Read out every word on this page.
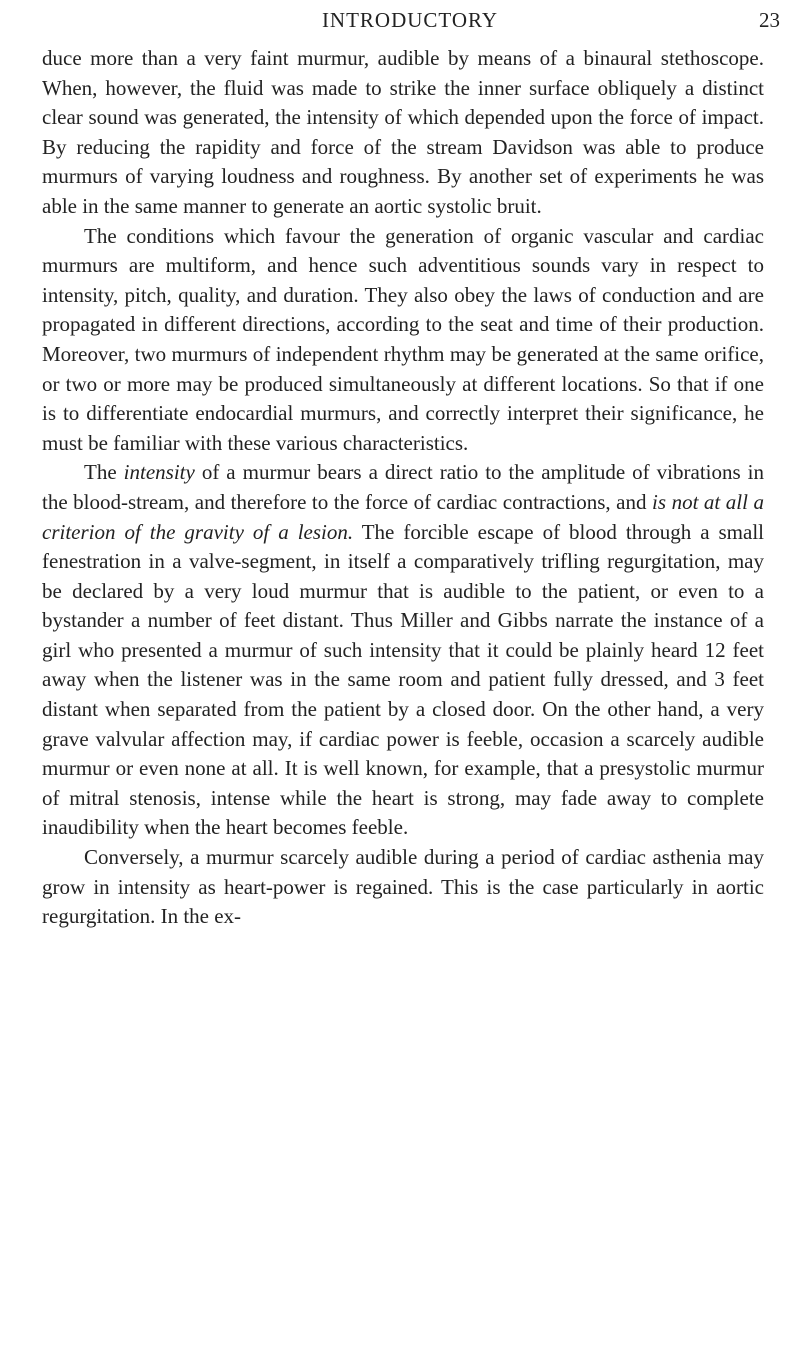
INTRODUCTORY	23

duce more than a very faint murmur, audible by means of a binaural stethoscope. When, however, the fluid was made to strike the inner surface obliquely a distinct clear sound was generated, the intensity of which depended upon the force of impact. By reducing the rapidity and force of the stream Davidson was able to produce murmurs of varying loudness and roughness. By another set of experiments he was able in the same manner to generate an aortic systolic bruit.

The conditions which favour the generation of organic vascular and cardiac murmurs are multiform, and hence such adventitious sounds vary in respect to intensity, pitch, quality, and duration. They also obey the laws of conduction and are propagated in different directions, according to the seat and time of their production. Moreover, two murmurs of independent rhythm may be generated at the same orifice, or two or more may be produced simultaneously at different locations. So that if one is to differentiate endocardial murmurs, and correctly interpret their significance, he must be familiar with these various characteristics.

The intensity of a murmur bears a direct ratio to the amplitude of vibrations in the blood-stream, and therefore to the force of cardiac contractions, and is not at all a criterion of the gravity of a lesion. The forcible escape of blood through a small fenestration in a valve-segment, in itself a comparatively trifling regurgitation, may be declared by a very loud murmur that is audible to the patient, or even to a bystander a number of feet distant. Thus Miller and Gibbs narrate the instance of a girl who presented a murmur of such intensity that it could be plainly heard 12 feet away when the listener was in the same room and patient fully dressed, and 3 feet distant when separated from the patient by a closed door. On the other hand, a very grave valvular affection may, if cardiac power is feeble, occasion a scarcely audible murmur or even none at all. It is well known, for example, that a presystolic murmur of mitral stenosis, intense while the heart is strong, may fade away to complete inaudibility when the heart becomes feeble.

Conversely, a murmur scarcely audible during a period of cardiac asthenia may grow in intensity as heart-power is regained. This is the case particularly in aortic regurgitation. In the ex-
